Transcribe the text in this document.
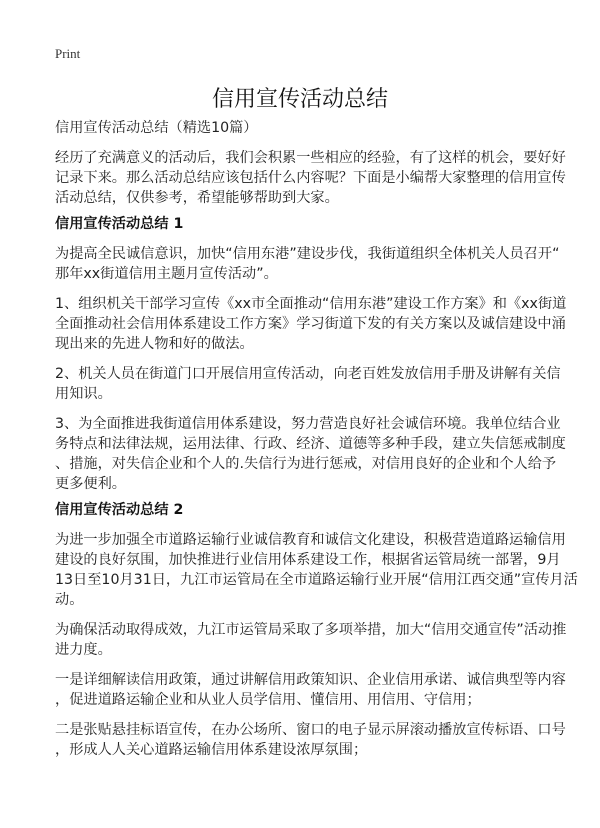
Print
信用宣传活动总结
信用宣传活动总结（精选10篇）
经历了充满意义的活动后，我们会积累一些相应的经验，有了这样的机会，要好好
记录下来。那么活动总结应该包括什么内容呢？下面是小编帮大家整理的信用宣传
活动总结，仅供参考，希望能够帮助到大家。
信用宣传活动总结 1
为提高全民诚信意识，加快“信用东港”建设步伐，我街道组织全体机关人员召开“
那年xx街道信用主题月宣传活动”。
1、组织机关干部学习宣传《xx市全面推动“信用东港”建设工作方案》和《xx街道
全面推动社会信用体系建设工作方案》学习街道下发的有关方案以及诚信建设中涌
现出来的先进人物和好的做法。
2、机关人员在街道门口开展信用宣传活动，向老百姓发放信用手册及讲解有关信
用知识。
3、为全面推进我街道信用体系建设，努力营造良好社会诚信环境。我单位结合业
务特点和法律法规，运用法律、行政、经济、道德等多种手段，建立失信惩戒制度
、措施，对失信企业和个人的.失信行为进行惩戒，对信用良好的企业和个人给予
更多便利。
信用宣传活动总结 2
为进一步加强全市道路运输行业诚信教育和诚信文化建设，积极营造道路运输信用
建设的良好氛围，加快推进行业信用体系建设工作，根据省运管局统一部署，9月
13日至10月31日，九江市运管局在全市道路运输行业开展“信用江西交通”宣传月活
动。
为确保活动取得成效，九江市运管局采取了多项举措，加大“信用交通宣传”活动推
进力度。
一是详细解读信用政策，通过讲解信用政策知识、企业信用承诺、诚信典型等内容
，促进道路运输企业和从业人员学信用、懂信用、用信用、守信用；
二是张贴悬挂标语宣传，在办公场所、窗口的电子显示屏滚动播放宣传标语、口号
，形成人人关心道路运输信用体系建设浓厚氛围；
